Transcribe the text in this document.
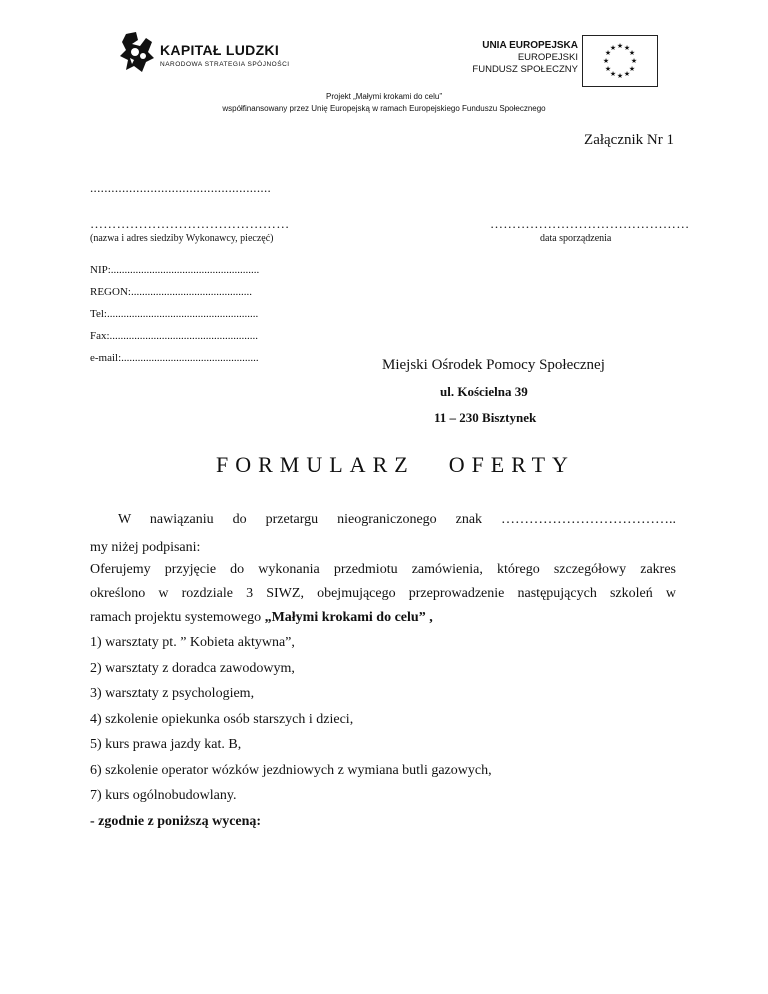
KAPITAŁ LUDZKI
NARODOWA STRATEGIA SPÓJNOŚCI
UNIA EUROPEJSKA
EUROPEJSKI
FUNDUSZ SPOŁECZNY
★ ★
★
★
★
★
★
★
★
★
★
★
Projekt „Małymi krokami do celu”
współfinansowany przez Unię Europejską w ramach Europejskiego Funduszu Społecznego
Załącznik Nr 1
...................................................
………………………………………
(nazwa i adres siedziby Wykonawcy, pieczęć)
………………………………………
data sporządzenia
NIP:......................................................
REGON:............................................
Tel:.......................................................
Fax:......................................................
e-mail:..................................................	Miejski Ośrodek Pomocy Społecznej
ul. Kościelna 39
11 – 230 Bisztynek
FORMULARZ OFERTY
W nawiązaniu do przetargu nieograniczonego znak ………………………………..
my niżej podpisani:
Oferujemy przyjęcie do wykonania przedmiotu zamówienia, którego szczegółowy zakres
określono w rozdziale 3 SIWZ, obejmującego przeprowadzenie następujących szkoleń w
ramach projektu systemowego „Małymi krokami do celu” ,
1) warsztaty pt. ” Kobieta aktywna”,
2) warsztaty z doradca zawodowym,
3) warsztaty z psychologiem,
4) szkolenie opiekunka osób starszych i dzieci,
5) kurs prawa jazdy kat. B,
6) szkolenie operator wózków jezdniowych z wymiana butli gazowych,
7) kurs ogólnobudowlany.
- zgodnie z poniższą wyceną:
